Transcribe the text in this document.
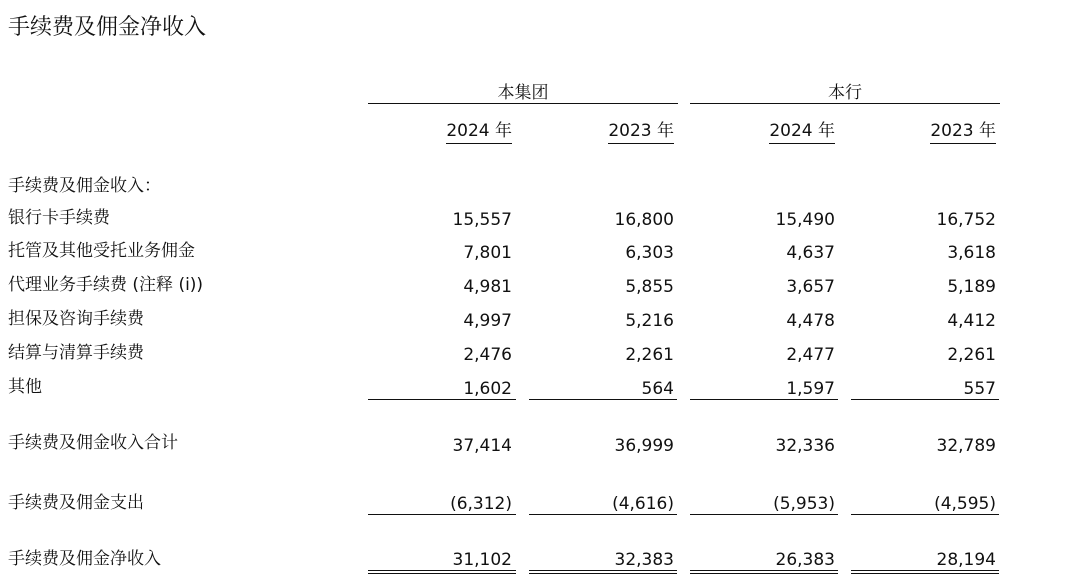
手续费及佣金净收入
本集团	本行
2024 年	2023 年	2024 年	2023 年
手续费及佣金收入：
银行卡手续费	15,557	16,800	15,490	16,752
托管及其他受托业务佣金	7,801	6,303	4,637	3,618
代理业务手续费 (注释 (i))	4,981	5,855	3,657	5,189
担保及咨询手续费	4,997	5,216	4,478	4,412
结算与清算手续费	2,476	2,261	2,477	2,261
其他	1,602	564	1,597	557
手续费及佣金收入合计	37,414	36,999	32,336	32,789
手续费及佣金支出	(6,312)	(4,616)	(5,953)	(4,595)
手续费及佣金净收入	31,102	32,383	26,383	28,194
